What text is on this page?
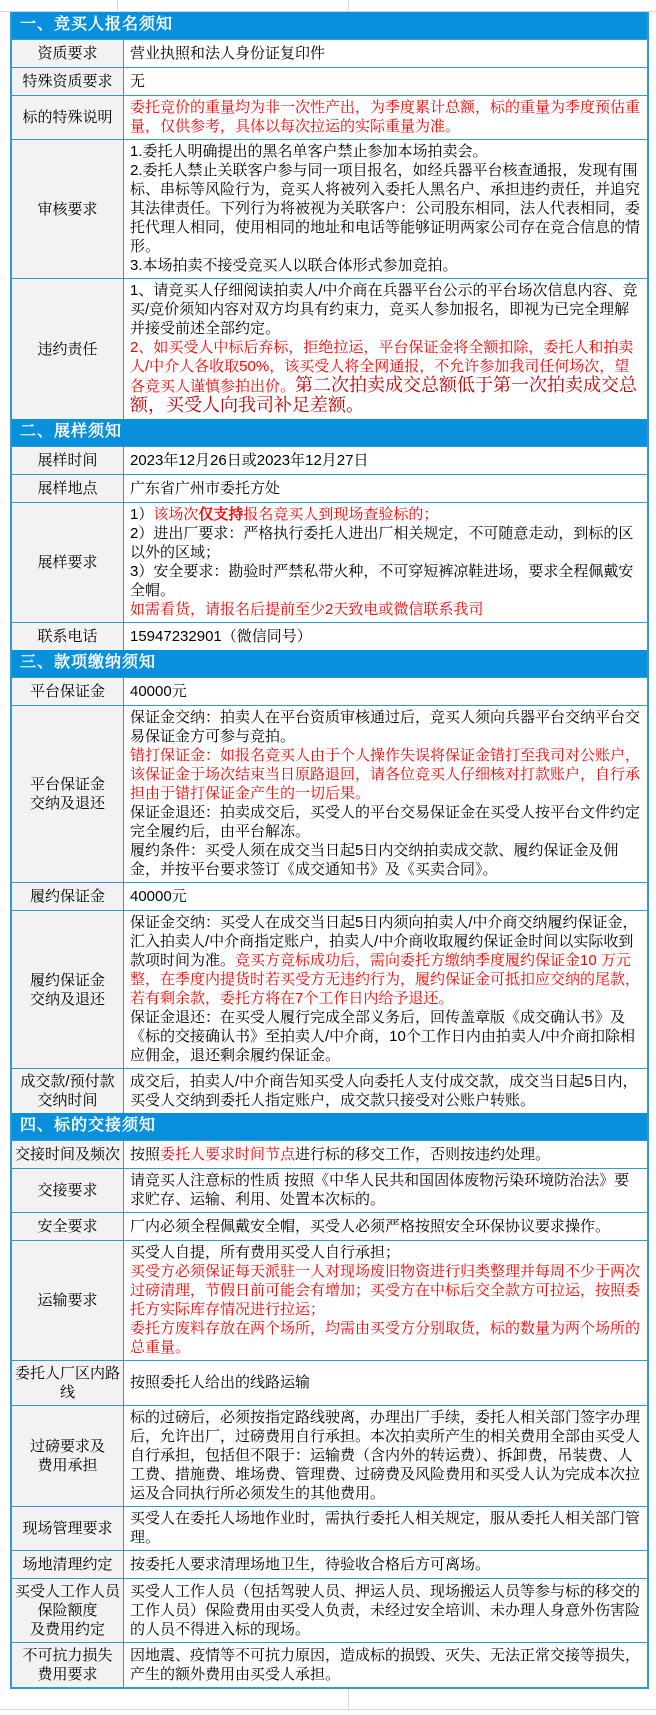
一、竞买人报名须知
资质要求 营业执照和法人身份证复印件
特殊资质要求 无
标的特殊说明
委托竞价的重量均为非一次性产出，为季度累计总额，标的重量为季度预估重量，仅供参考，具体以每次拉运的实际重量为准。
审核要求
1.委托人明确提出的黑名单客户禁止参加本场拍卖会。
2.委托人禁止关联客户参与同一项目报名，如经兵器平台核查通报，发现有围标、串标等风险行为，竞买人将被列入委托人黑名户、承担违约责任，并追究其法律责任。下列行为将被视为关联客户：公司股东相同，法人代表相同，委托代理人相同，使用相同的地址和电话等能够证明两家公司存在竞合信息的情形。
3.本场拍卖不接受竞买人以联合体形式参加竞拍。
违约责任
1、请竞买人仔细阅读拍卖人/中介商在兵器平台公示的平台场次信息内容、竞买/竞价须知内容对双方均具有约束力，竞买人参加报名，即视为已完全理解并接受前述全部约定。
2、如买受人中标后弃标，拒绝拉运，平台保证金将全额扣除，委托人和拍卖人/中介人各收取50%，该买受人将全网通报，不允许参加我司任何场次，望各竞买人谨慎参拍出价。第二次拍卖成交总额低于第一次拍卖成交总额，买受人向我司补足差额。
二、展样须知
展样时间 2023年12月26日或2023年12月27日
展样地点 广东省广州市委托方处
展样要求
1）该场次仅支持报名竞买人到现场查验标的；
2）进出厂要求：严格执行委托人进出厂相关规定，不可随意走动，到标的区以外的区域；
3）安全要求：勘验时严禁私带火种，不可穿短裤凉鞋进场，要求全程佩戴安全帽。
如需看货，请报名后提前至少2天致电或微信联系我司
联系电话 15947232901（微信同号）
三、款项缴纳须知
平台保证金 40000元
平台保证金
交纳及退还
保证金交纳：拍卖人在平台资质审核通过后，竞买人须向兵器平台交纳平台交易保证金方可参与竞拍。
错打保证金：如报名竞买人由于个人操作失误将保证金错打至我司对公账户，该保证金于场次结束当日原路退回，请各位竞买人仔细核对打款账户，自行承担由于错打保证金产生的一切后果。
保证金退还：拍卖成交后，买受人的平台交易保证金在买受人按平台文件约定完全履约后，由平台解冻。
履约条件：买受人须在成交当日起5日内交纳拍卖成交款、履约保证金及佣金，并按平台要求签订《成交通知书》及《买卖合同》。
履约保证金 40000元
履约保证金
交纳及退还
保证金交纳：买受人在成交当日起5日内须向拍卖人/中介商交纳履约保证金，汇入拍卖人/中介商指定账户，拍卖人/中介商收取履约保证金时间以实际收到款项时间为准。竞买方竞标成功后，需向委托方缴纳季度履约保证金10 万元整，在季度内提货时若买受方无违约行为，履约保证金可抵扣应交纳的尾款，若有剩余款，委托方将在7个工作日内给予退还。
保证金退还：在买受人履行完成全部义务后，回传盖章版《成交确认书》及《标的交接确认书》至拍卖人/中介商，10个工作日内由拍卖人/中介商扣除相应佣金，退还剩余履约保证金。
成交款/预付款
交纳时间
成交后，拍卖人/中介商告知买受人向委托人支付成交款，成交当日起5日内，买受人交纳到委托人指定账户，成交款只接受对公账户转账。
四、标的交接须知
交接时间及频次 按照委托人要求时间节点进行标的移交工作，否则按违约处理。
交接要求
请竞买人注意标的性质 按照《中华人民共和国固体废物污染环境防治法》要求贮存、运输、利用、处置本次标的。
安全要求 厂内必须全程佩戴安全帽，买受人必须严格按照安全环保协议要求操作。
运输要求
买受人自提，所有费用买受人自行承担；
买受方必须保证每天派驻一人对现场废旧物资进行归类整理并每周不少于两次过磅清理，节假日前可能会有增加；买受方在中标后交全款方可拉运，按照委托方实际库存情况进行拉运；
委托方废料存放在两个场所，均需由买受方分别取货，标的数量为两个场所的总重量。
委托人厂区内路线
按照委托人给出的线路运输
过磅要求及
费用承担
标的过磅后，必须按指定路线驶离，办理出厂手续，委托人相关部门签字办理后，允许出厂，过磅费用自行承担。本次拍卖所产生的相关费用全部由买受人自行承担，包括但不限于：运输费（含内外的转运费）、拆卸费，吊装费、人工费、措施费、堆场费、管理费、过磅费及风险费用和买受人认为完成本次拉运及合同执行所必须发生的其他费用。
现场管理要求
买受人在委托人场地作业时，需执行委托人相关规定，服从委托人相关部门管理。
场地清理约定 按委托人要求清理场地卫生，待验收合格后方可离场。
买受人工作人员
保险额度
及费用约定
买受人工作人员（包括驾驶人员、押运人员、现场搬运人员等参与标的移交的工作人员）保险费用由买受人负责，未经过安全培训、未办理人身意外伤害险的人员不得进入标的现场。
不可抗力损失
费用要求
因地震、疫情等不可抗力原因，造成标的损毁、灭失、无法正常交接等损失，产生的额外费用由买受人承担。
